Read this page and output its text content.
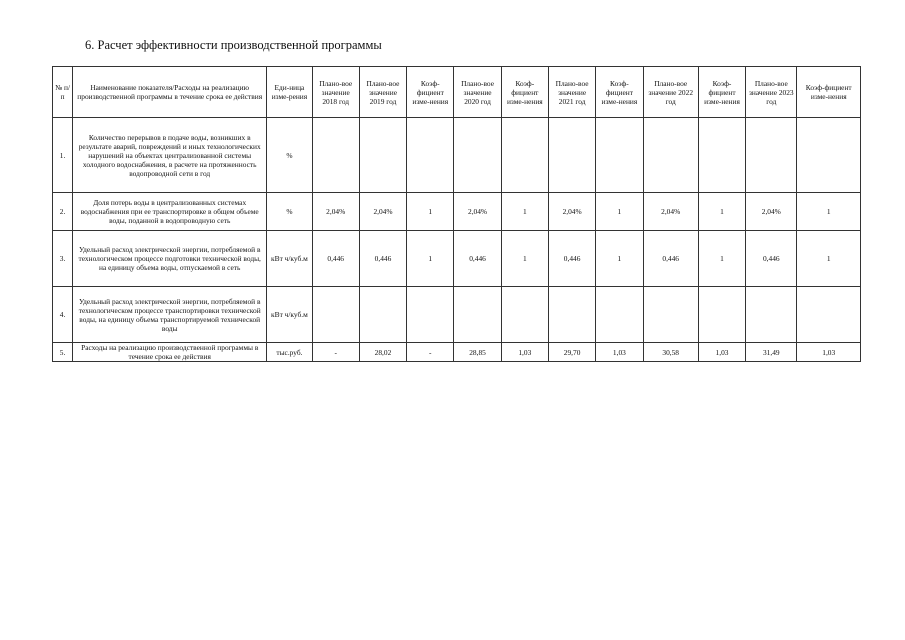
6. Расчет эффективности производственной программы
№ п/п	Наименование показателя/Расходы на реализацию производственной программы в течение срока ее действия	Еди-ница изме-рения	Плано-вое значение 2018 год	Плано-вое значение 2019 год	Коэф-фициент изме-нения	Плано-вое значение 2020 год	Коэф-фициент изме-нения	Плано-вое значение 2021 год	Коэф-фициент изме-нения	Плано-вое значение 2022 год	Коэф-фициент изме-нения	Плано-вое значение 2023 год	Коэф-фициент изме-нения
1.	Количество перерывов в подаче воды, возникших в результате аварий, повреждений и иных технологических нарушений на объектах централизованной системы холодного водоснабжения, в расчете на протяженность водопроводной сети в год	%											
2.	Доля потерь воды в централизованных системах водоснабжения при ее транспортировке в общем объеме воды, поданной в водопроводную сеть	%	2,04%	2,04%	1	2,04%	1	2,04%	1	2,04%	1	2,04%	1
3.	Удельный расход электрической энергии, потребляемой в технологическом процессе подготовки технической воды, на единицу объема воды, отпускаемой в сеть	кВт ч/куб.м	0,446	0,446	1	0,446	1	0,446	1	0,446	1	0,446	1
4.	Удельный расход электрической энергии, потребляемой в технологическом процессе транспортировки технической воды, на единицу объема транспортируемой технической воды	кВт ч/куб.м											
5.	Расходы на реализацию производственной программы в течение срока ее действия	тыс.руб.	-	28,02	-	28,85	1,03	29,70	1,03	30,58	1,03	31,49	1,03
